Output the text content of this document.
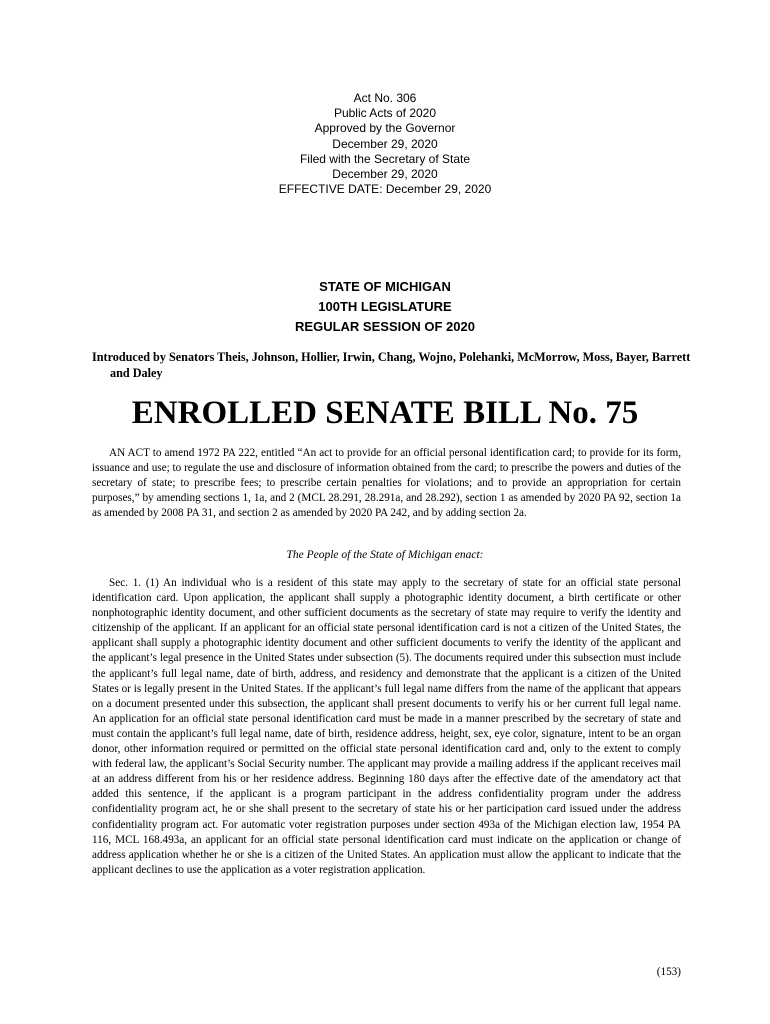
Act No. 306
Public Acts of 2020
Approved by the Governor
December 29, 2020
Filed with the Secretary of State
December 29, 2020
EFFECTIVE DATE: December 29, 2020
STATE OF MICHIGAN
100TH LEGISLATURE
REGULAR SESSION OF 2020
Introduced by Senators Theis, Johnson, Hollier, Irwin, Chang, Wojno, Polehanki, McMorrow, Moss, Bayer, Barrett and Daley
ENROLLED SENATE BILL No. 75
AN ACT to amend 1972 PA 222, entitled “An act to provide for an official personal identification card; to provide for its form, issuance and use; to regulate the use and disclosure of information obtained from the card; to prescribe the powers and duties of the secretary of state; to prescribe fees; to prescribe certain penalties for violations; and to provide an appropriation for certain purposes,” by amending sections 1, 1a, and 2 (MCL 28.291, 28.291a, and 28.292), section 1 as amended by 2020 PA 92, section 1a as amended by 2008 PA 31, and section 2 as amended by 2020 PA 242, and by adding section 2a.
The People of the State of Michigan enact:
Sec. 1. (1) An individual who is a resident of this state may apply to the secretary of state for an official state personal identification card. Upon application, the applicant shall supply a photographic identity document, a birth certificate or other nonphotographic identity document, and other sufficient documents as the secretary of state may require to verify the identity and citizenship of the applicant. If an applicant for an official state personal identification card is not a citizen of the United States, the applicant shall supply a photographic identity document and other sufficient documents to verify the identity of the applicant and the applicant’s legal presence in the United States under subsection (5). The documents required under this subsection must include the applicant’s full legal name, date of birth, address, and residency and demonstrate that the applicant is a citizen of the United States or is legally present in the United States. If the applicant’s full legal name differs from the name of the applicant that appears on a document presented under this subsection, the applicant shall present documents to verify his or her current full legal name. An application for an official state personal identification card must be made in a manner prescribed by the secretary of state and must contain the applicant’s full legal name, date of birth, residence address, height, sex, eye color, signature, intent to be an organ donor, other information required or permitted on the official state personal identification card and, only to the extent to comply with federal law, the applicant’s Social Security number. The applicant may provide a mailing address if the applicant receives mail at an address different from his or her residence address. Beginning 180 days after the effective date of the amendatory act that added this sentence, if the applicant is a program participant in the address confidentiality program under the address confidentiality program act, he or she shall present to the secretary of state his or her participation card issued under the address confidentiality program act. For automatic voter registration purposes under section 493a of the Michigan election law, 1954 PA 116, MCL 168.493a, an applicant for an official state personal identification card must indicate on the application or change of address application whether he or she is a citizen of the United States. An application must allow the applicant to indicate that the applicant declines to use the application as a voter registration application.
(153)
